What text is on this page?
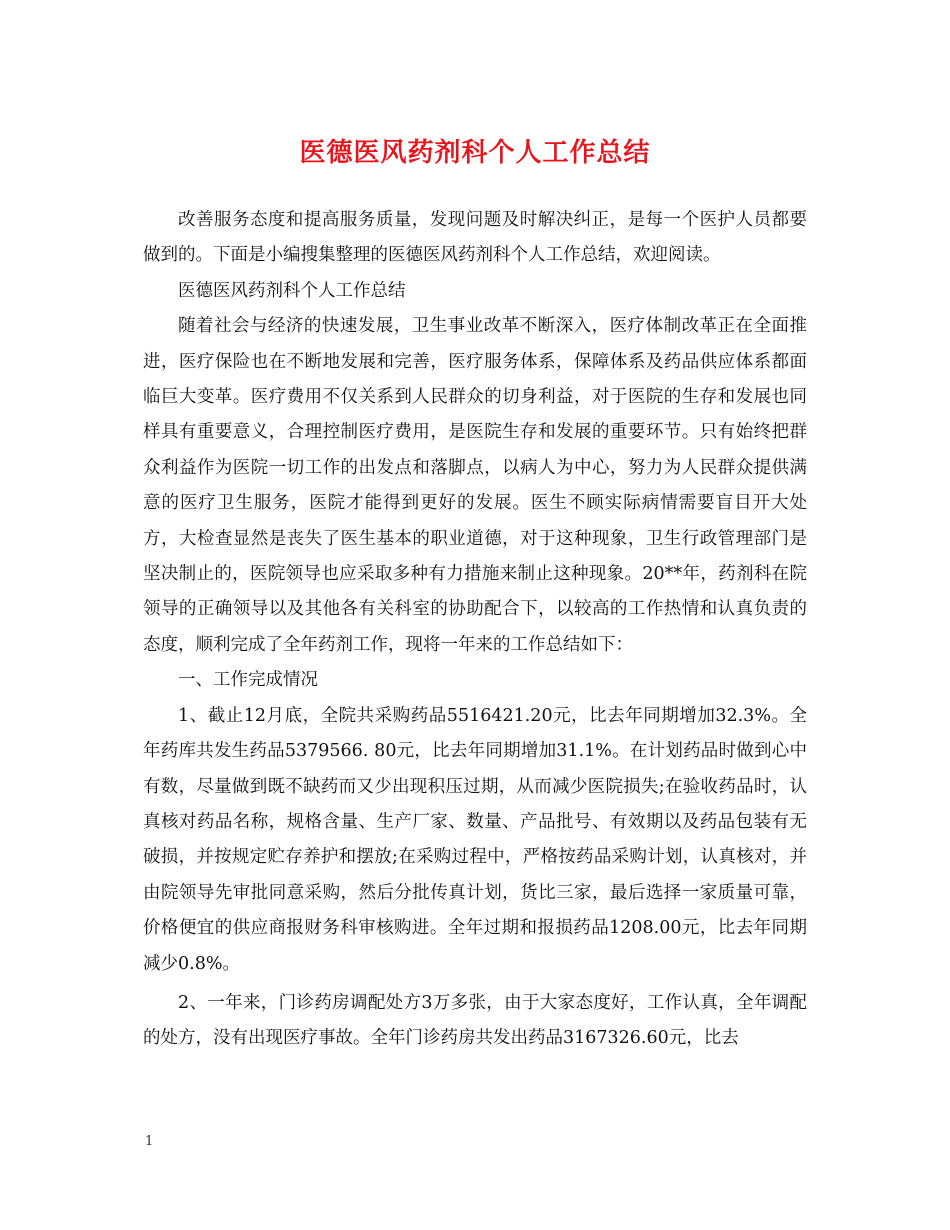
医德医风药剂科个人工作总结

改善服务态度和提高服务质量，发现问题及时解决纠正，是每一个医护人员都要做到的。下面是小编搜集整理的医德医风药剂科个人工作总结，欢迎阅读。

医德医风药剂科个人工作总结

随着社会与经济的快速发展，卫生事业改革不断深入，医疗体制改革正在全面推进，医疗保险也在不断地发展和完善，医疗服务体系，保障体系及药品供应体系都面临巨大变革。医疗费用不仅关系到人民群众的切身利益，对于医院的生存和发展也同样具有重要意义，合理控制医疗费用，是医院生存和发展的重要环节。只有始终把群众利益作为医院一切工作的出发点和落脚点，以病人为中心，努力为人民群众提供满意的医疗卫生服务，医院才能得到更好的发展。医生不顾实际病情需要盲目开大处方，大检查显然是丧失了医生基本的职业道德，对于这种现象，卫生行政管理部门是坚决制止的，医院领导也应采取多种有力措施来制止这种现象。20**年，药剂科在院领导的正确领导以及其他各有关科室的协助配合下，以较高的工作热情和认真负责的态度，顺利完成了全年药剂工作，现将一年来的工作总结如下：

一、工作完成情况

1、截止12月底，全院共采购药品5516421.20元，比去年同期增加32.3%。全年药库共发生药品5379566. 80元，比去年同期增加31.1%。在计划药品时做到心中有数，尽量做到既不缺药而又少出现积压过期，从而减少医院损失;在验收药品时，认真核对药品名称，规格含量、生产厂家、数量、产品批号、有效期以及药品包装有无破损，并按规定贮存养护和摆放;在采购过程中，严格按药品采购计划，认真核对，并由院领导先审批同意采购，然后分批传真计划，货比三家，最后选择一家质量可靠，价格便宜的供应商报财务科审核购进。全年过期和报损药品1208.00元，比去年同期减少0.8%。

2、一年来，门诊药房调配处方3万多张，由于大家态度好，工作认真，全年调配的处方，没有出现医疗事故。全年门诊药房共发出药品3167326.60元，比去

1
